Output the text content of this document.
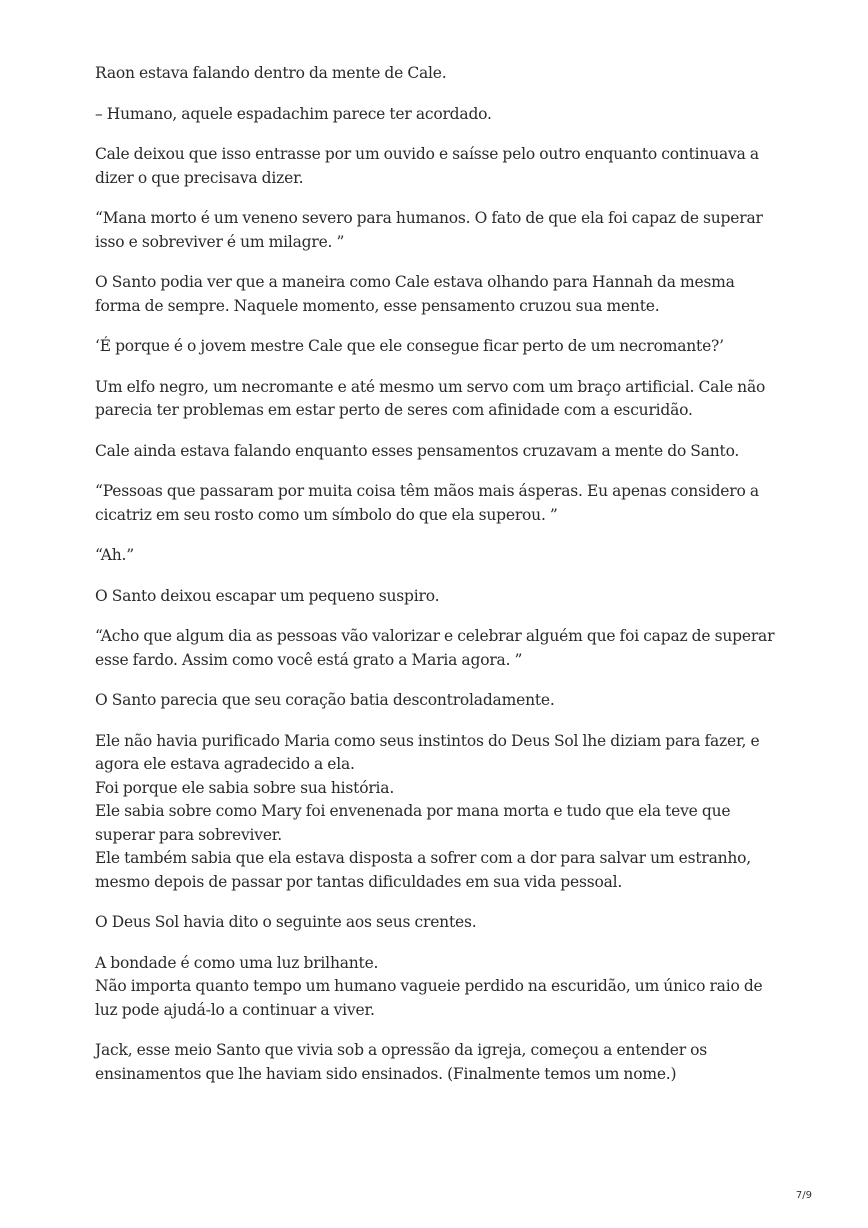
Raon estava falando dentro da mente de Cale.

– Humano, aquele espadachim parece ter acordado.

Cale deixou que isso entrasse por um ouvido e saísse pelo outro enquanto continuava a
dizer o que precisava dizer.

“Mana morto é um veneno severo para humanos. O fato de que ela foi capaz de superar
isso e sobreviver é um milagre. ”

O Santo podia ver que a maneira como Cale estava olhando para Hannah da mesma
forma de sempre. Naquele momento, esse pensamento cruzou sua mente.

‘É porque é o jovem mestre Cale que ele consegue ficar perto de um necromante?’

Um elfo negro, um necromante e até mesmo um servo com um braço artificial. Cale não
parecia ter problemas em estar perto de seres com afinidade com a escuridão.

Cale ainda estava falando enquanto esses pensamentos cruzavam a mente do Santo.

“Pessoas que passaram por muita coisa têm mãos mais ásperas. Eu apenas considero a
cicatriz em seu rosto como um símbolo do que ela superou. ”

“Ah.”

O Santo deixou escapar um pequeno suspiro.

“Acho que algum dia as pessoas vão valorizar e celebrar alguém que foi capaz de superar
esse fardo. Assim como você está grato a Maria agora. ”

O Santo parecia que seu coração batia descontroladamente.

Ele não havia purificado Maria como seus instintos do Deus Sol lhe diziam para fazer, e
agora ele estava agradecido a ela.
Foi porque ele sabia sobre sua história.
Ele sabia sobre como Mary foi envenenada por mana morta e tudo que ela teve que
superar para sobreviver.
Ele também sabia que ela estava disposta a sofrer com a dor para salvar um estranho,
mesmo depois de passar por tantas dificuldades em sua vida pessoal.

O Deus Sol havia dito o seguinte aos seus crentes.

A bondade é como uma luz brilhante.
Não importa quanto tempo um humano vagueie perdido na escuridão, um único raio de
luz pode ajudá-lo a continuar a viver.

Jack, esse meio Santo que vivia sob a opressão da igreja, começou a entender os
ensinamentos que lhe haviam sido ensinados. (Finalmente temos um nome.)

7/9
